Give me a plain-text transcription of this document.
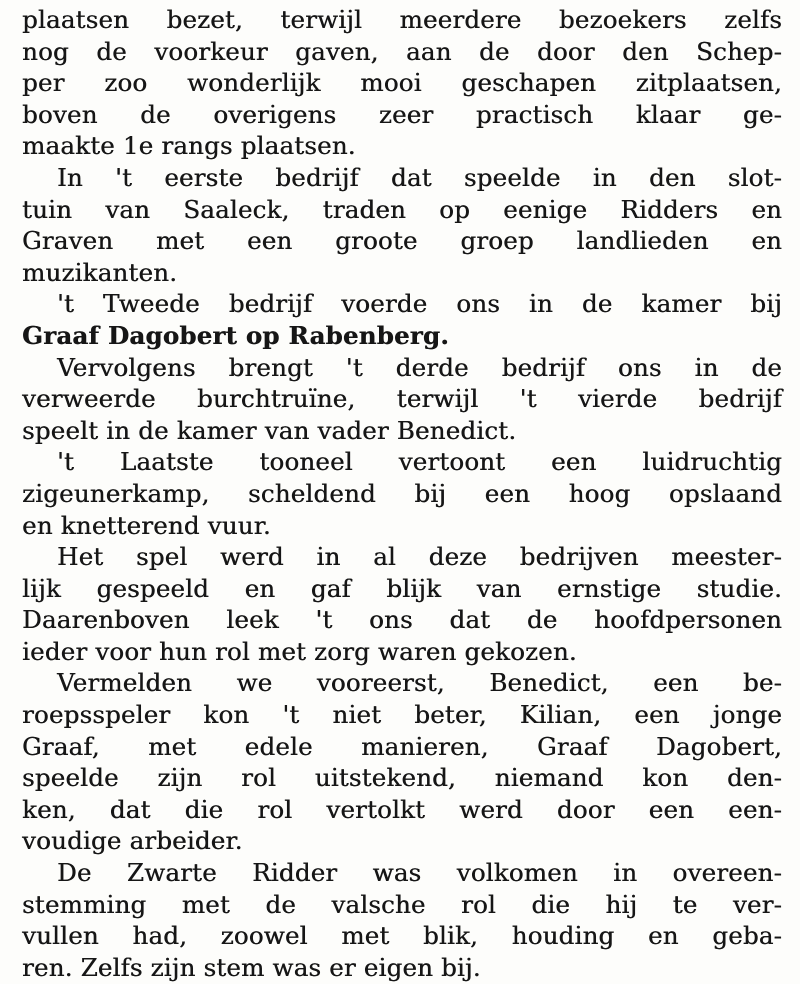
plaatsen bezet, terwijl meerdere bezoekers zelfs
nog de voorkeur gaven, aan de door den Schep-
per zoo wonderlijk mooi geschapen zitplaatsen,
boven de overigens zeer practisch klaar ge-
maakte 1e rangs plaatsen.
In 't eerste bedrijf dat speelde in den slot-
tuin van Saaleck, traden op eenige Ridders en
Graven met een groote groep landlieden en
muzikanten.
't Tweede bedrijf voerde ons in de kamer bij
Graaf Dagobert op Rabenberg.
Vervolgens brengt 't derde bedrijf ons in de
verweerde burchtruïne, terwijl 't vierde bedrijf
speelt in de kamer van vader Benedict.
't Laatste tooneel vertoont een luidruchtig
zigeunerkamp, scheldend bij een hoog opslaand
en knetterend vuur.
Het spel werd in al deze bedrijven meester-
lijk gespeeld en gaf blijk van ernstige studie.
Daarenboven leek 't ons dat de hoofdpersonen
ieder voor hun rol met zorg waren gekozen.
Vermelden we vooreerst, Benedict, een be-
roepsspeler kon 't niet beter, Kilian, een jonge
Graaf, met edele manieren, Graaf Dagobert,
speelde zijn rol uitstekend, niemand kon den-
ken, dat die rol vertolkt werd door een een-
voudige arbeider.
De Zwarte Ridder was volkomen in overeen-
stemming met de valsche rol die hij te ver-
vullen had, zoowel met blik, houding en geba-
ren. Zelfs zijn stem was er eigen bij.
